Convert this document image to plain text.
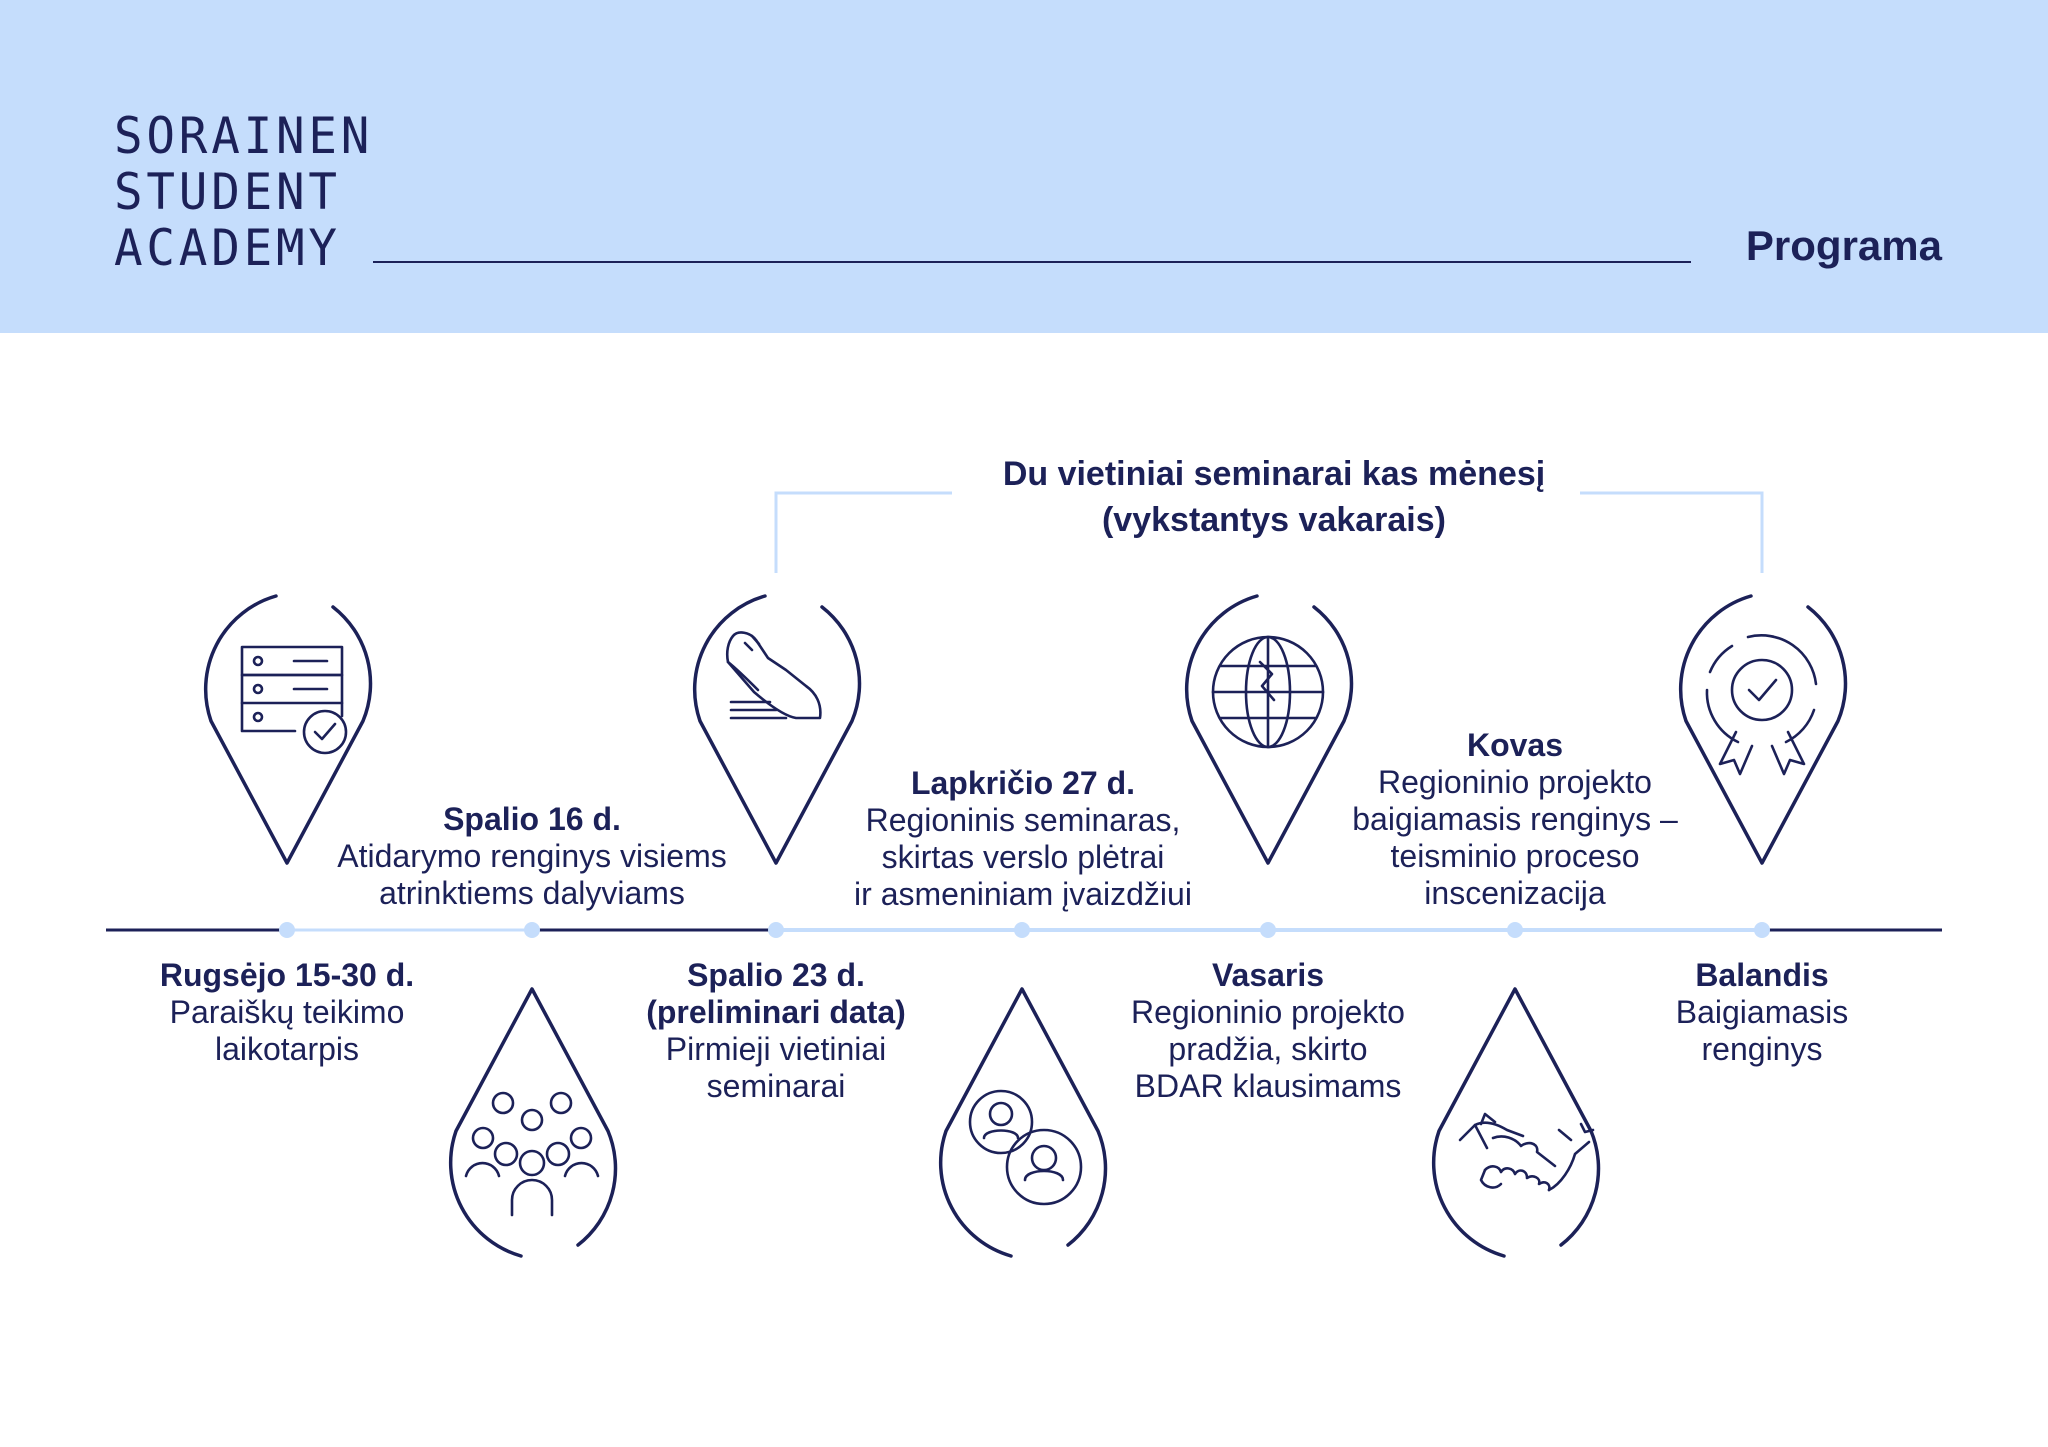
SORAINEN
STUDENT
ACADEMY	Programa
Du vietiniai seminarai kas mėnesį
(vykstantys vakarais)
Rugsėjo 15-30 d.
Paraiškų teikimo
laikotarpis
Spalio 16 d.
Atidarymo renginys visiems
atrinktiems dalyviams
Spalio 23 d.
(preliminari data)
Pirmieji vietiniai
seminarai
Lapkričio 27 d.
Regioninis seminaras,
skirtas verslo plėtrai
ir asmeniniam įvaizdžiui
Vasaris
Regioninio projekto
pradžia, skirto
BDAR klausimams
Kovas
Regioninio projekto
baigiamasis renginys –
teisminio proceso
inscenizacija
Balandis
Baigiamasis
renginys
